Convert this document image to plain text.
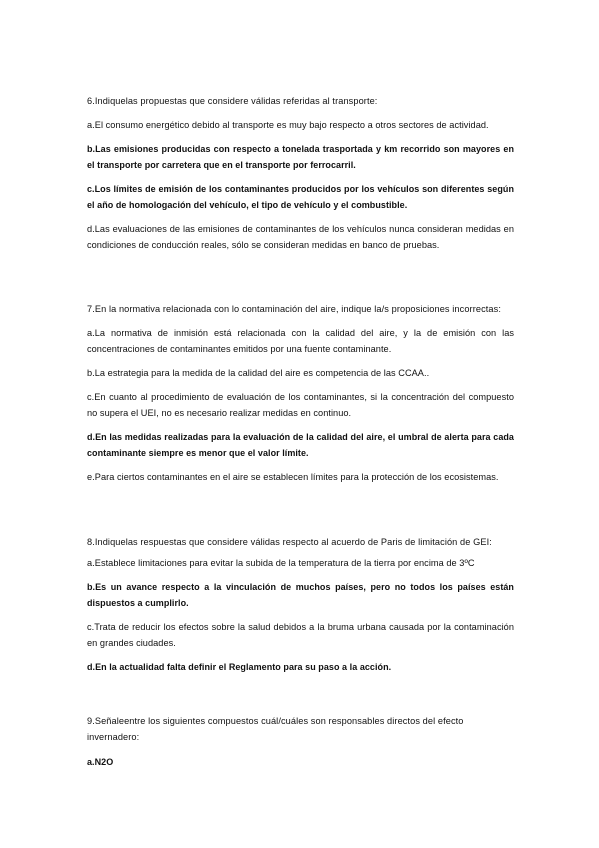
6.Indiquelas propuestas que considere válidas referidas al transporte:

a.El consumo energético debido al transporte es muy bajo respecto a otros sectores de actividad.

b.Las emisiones producidas con respecto a tonelada trasportada y km recorrido son mayores en el transporte por carretera que en el transporte por ferrocarril.

c.Los límites de emisión de los contaminantes producidos por los vehículos son diferentes según el año de homologación del vehículo, el tipo de vehículo y el combustible.

d.Las evaluaciones de las emisiones de contaminantes de los vehículos nunca consideran medidas en condiciones de conducción reales, sólo se consideran medidas en banco de pruebas.

7.En la normativa relacionada con lo contaminación del aire, indique la/s proposiciones incorrectas:

a.La normativa de inmisión está relacionada con la calidad del aire, y la de emisión con las concentraciones de contaminantes emitidos por una fuente contaminante.

b.La estrategia para la medida de la calidad del aire es competencia de las CCAA..

c.En cuanto al procedimiento de evaluación de los contaminantes, si la concentración del compuesto no supera el UEI, no es necesario realizar medidas en continuo.

d.En las medidas realizadas para la evaluación de la calidad del aire, el umbral de alerta para cada contaminante siempre es menor que el valor límite.

e.Para ciertos contaminantes en el aire se establecen límites para la protección de los ecosistemas.

8.Indiquelas respuestas que considere válidas respecto al acuerdo de Paris de limitación de GEI:

a.Establece limitaciones para evitar la subida de la temperatura de la tierra por encima de 3ºC

b.Es un avance respecto a la vinculación de muchos países, pero no todos los países están dispuestos a cumplirlo.

c.Trata de reducir los efectos sobre la salud debidos a la bruma urbana causada por la contaminación en grandes ciudades.

d.En la actualidad falta definir el Reglamento para su paso a la acción.

9.Señaleentre los siguientes compuestos cuál/cuáles son responsables directos del efecto invernadero:

a.N2O
